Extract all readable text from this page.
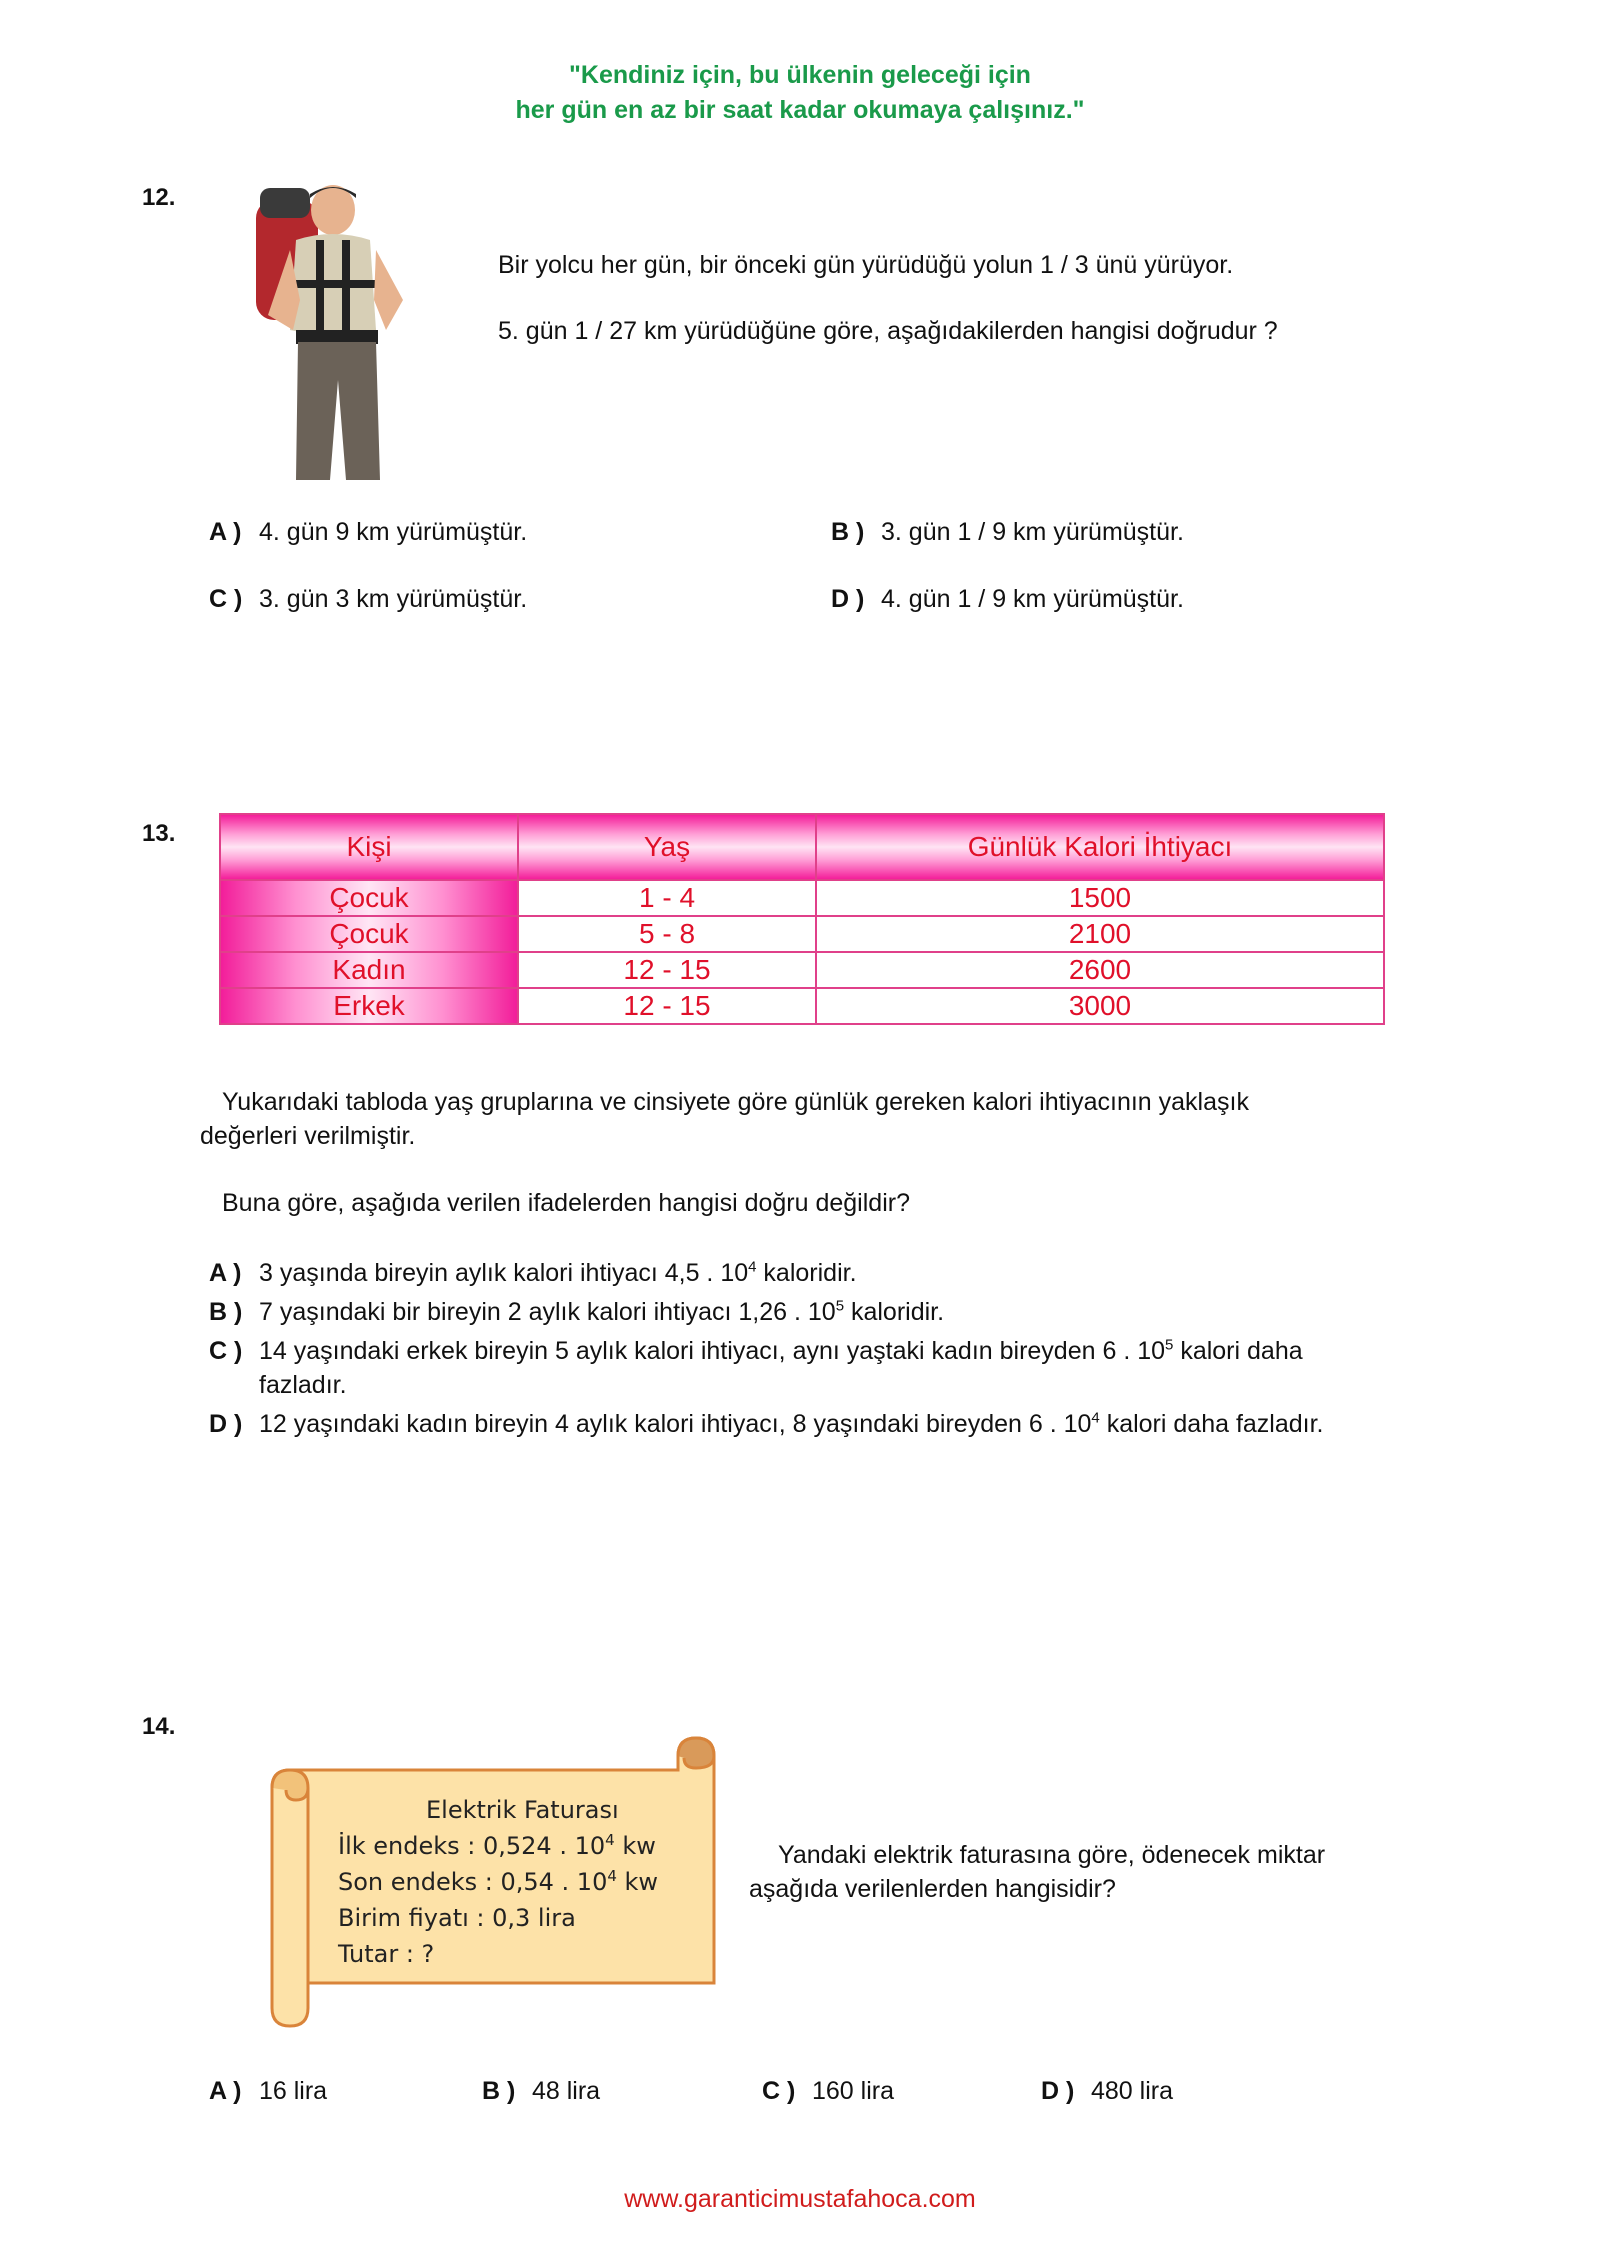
"Kendiniz için, bu ülkenin geleceği için
her gün en az bir saat kadar okumaya çalışınız."
12.
Bir yolcu her gün, bir önceki gün yürüdüğü yolun 1 / 3 ünü yürüyor.
5. gün 1 / 27 km yürüdüğüne göre, aşağıdakilerden hangisi doğrudur ?
A ) 4. gün 9 km yürümüştür.	B ) 3. gün 1 / 9 km yürümüştür.
C ) 3. gün 3 km yürümüştür.	D ) 4. gün 1 / 9 km yürümüştür.
13.	Kişi	Yaş	Günlük Kalori İhtiyacı
Çocuk	1 - 4	1500
Çocuk	5 - 8	2100
Kadın	12 - 15	2600
Erkek	12 - 15	3000
Yukarıdaki tabloda yaş gruplarına ve cinsiyete göre günlük gereken kalori ihtiyacının yaklaşık
değerleri verilmiştir.
Buna göre, aşağıda verilen ifadelerden hangisi doğru değildir?
A ) 3 yaşında bireyin aylık kalori ihtiyacı 4,5 . $10^4$ kaloridir.
B ) 7 yaşındaki bir bireyin 2 aylık kalori ihtiyacı 1,26 . $10^5$ kaloridir.
C ) 14 yaşındaki erkek bireyin 5 aylık kalori ihtiyacı, aynı yaştaki kadın bireyden 6 . $10^5$ kalori daha fazladır.
D ) 12 yaşındaki kadın bireyin 4 aylık kalori ihtiyacı, 8 yaşındaki bireyden 6 . $10^4$ kalori daha fazladır.
14.
Elektrik Faturası
İlk endeks : 0,524 . $10^4$ kw
Son endeks : 0,54 . $10^4$ kw
Birim fiyatı : 0,3 lira
Tutar : ?
Yandaki elektrik faturasına göre, ödenecek miktar
aşağıda verilenlerden hangisidir?
A ) 16 lira	B ) 48 lira	C ) 160 lira	D ) 480 lira
www.garanticimustafahoca.com
